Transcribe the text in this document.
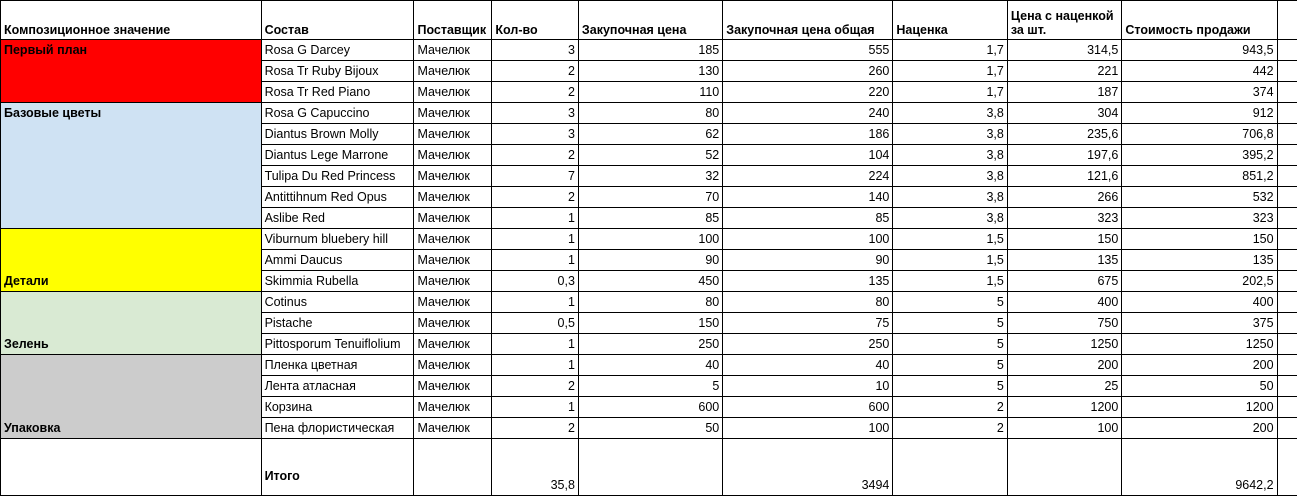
Композиционное значение	Состав	Поставщик	Кол-во	Закупочная цена	Закупочная цена общая	Наценка	Цена с наценкой за шт.	Стоимость продажи	
Первый план	Rosa G Darcey	Мачелюк	3	185	555	1,7	314,5	943,5	
	Rosa Tr Ruby Bijoux	Мачелюк	2	130	260	1,7	221	442	
	Rosa Tr Red Piano	Мачелюк	2	110	220	1,7	187	374	
Базовые цветы	Rosa G Capuccino	Мачелюк	3	80	240	3,8	304	912	
	Diantus Brown Molly	Мачелюк	3	62	186	3,8	235,6	706,8	
	Diantus Lege Marrone	Мачелюк	2	52	104	3,8	197,6	395,2	
	Tulipa Du Red Princess	Мачелюк	7	32	224	3,8	121,6	851,2	
	Antittihnum Red Opus	Мачелюк	2	70	140	3,8	266	532	
	Aslibe Red	Мачелюк	1	85	85	3,8	323	323	
Детали	Viburnum bluebery hill	Мачелюк	1	100	100	1,5	150	150	
	Ammi Daucus	Мачелюк	1	90	90	1,5	135	135	
	Skimmia Rubella	Мачелюк	0,3	450	135	1,5	675	202,5	
Зелень	Cotinus	Мачелюк	1	80	80	5	400	400	
	Pistache	Мачелюк	0,5	150	75	5	750	375	
	Pittosporum Tenuiflolium	Мачелюк	1	250	250	5	1250	1250	
Упаковка	Пленка цветная	Мачелюк	1	40	40	5	200	200	
	Лента атласная	Мачелюк	2	5	10	5	25	50	
	Корзина	Мачелюк	1	600	600	2	1200	1200	
	Пена флористическая	Мачелюк	2	50	100	2	100	200	
	Итого		35,8		3494			9642,2	
